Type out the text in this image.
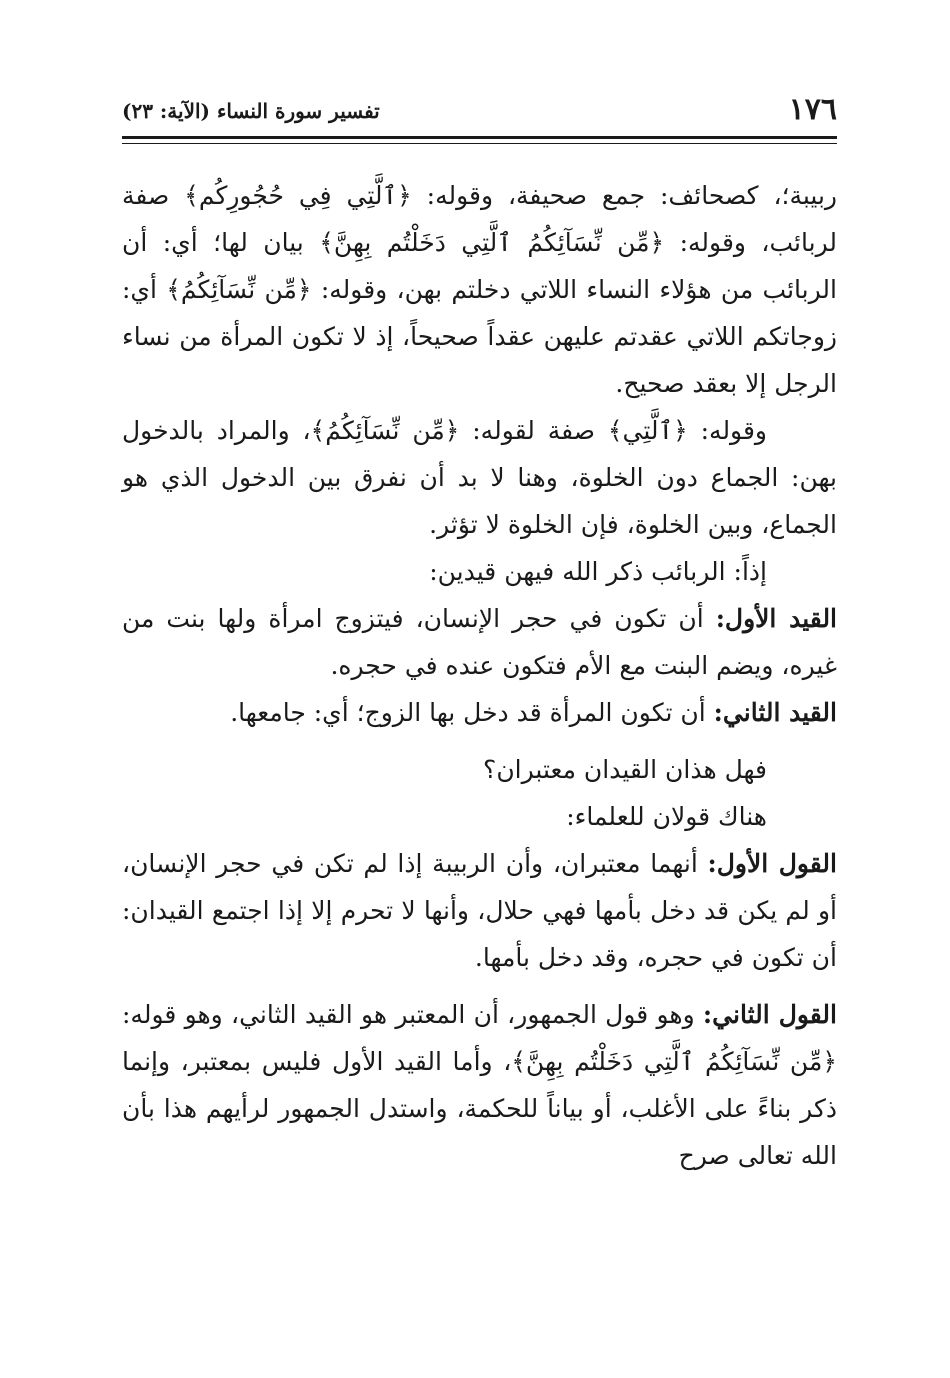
١٧٦
تفسير سورة النساء (الآية: ٢٣)

ربيبة؛، كصحائف: جمع صحيفة، وقوله: ﴿ٱلَّتِي فِي حُجُورِكُم﴾ صفة لربائب، وقوله: ﴿مِّن نِّسَآئِكُمُ ٱلَّتِي دَخَلْتُم بِهِنَّ﴾ بيان لها؛ أي: أن الربائب من هؤلاء النساء اللاتي دخلتم بهن، وقوله: ﴿مِّن نِّسَآئِكُمُ﴾ أي: زوجاتكم اللاتي عقدتم عليهن عقداً صحيحاً، إذ لا تكون المرأة من نساء الرجل إلا بعقد صحيح.

وقوله: ﴿ٱلَّتِي﴾ صفة لقوله: ﴿مِّن نِّسَآئِكُمُ﴾، والمراد بالدخول بهن: الجماع دون الخلوة، وهنا لا بد أن نفرق بين الدخول الذي هو الجماع، وبين الخلوة، فإن الخلوة لا تؤثر.

إذاً: الربائب ذكر الله فيهن قيدين:

القيد الأول: أن تكون في حجر الإنسان، فيتزوج امرأة ولها بنت من غيره، ويضم البنت مع الأم فتكون عنده في حجره.

القيد الثاني: أن تكون المرأة قد دخل بها الزوج؛ أي: جامعها.

فهل هذان القيدان معتبران؟

هناك قولان للعلماء:

القول الأول: أنهما معتبران، وأن الربيبة إذا لم تكن في حجر الإنسان، أو لم يكن قد دخل بأمها فهي حلال، وأنها لا تحرم إلا إذا اجتمع القيدان: أن تكون في حجره، وقد دخل بأمها.

القول الثاني: وهو قول الجمهور، أن المعتبر هو القيد الثاني، وهو قوله: ﴿مِّن نِّسَآئِكُمُ ٱلَّتِي دَخَلْتُم بِهِنَّ﴾، وأما القيد الأول فليس بمعتبر، وإنما ذكر بناءً على الأغلب، أو بياناً للحكمة، واستدل الجمهور لرأيهم هذا بأن الله تعالى صرح
